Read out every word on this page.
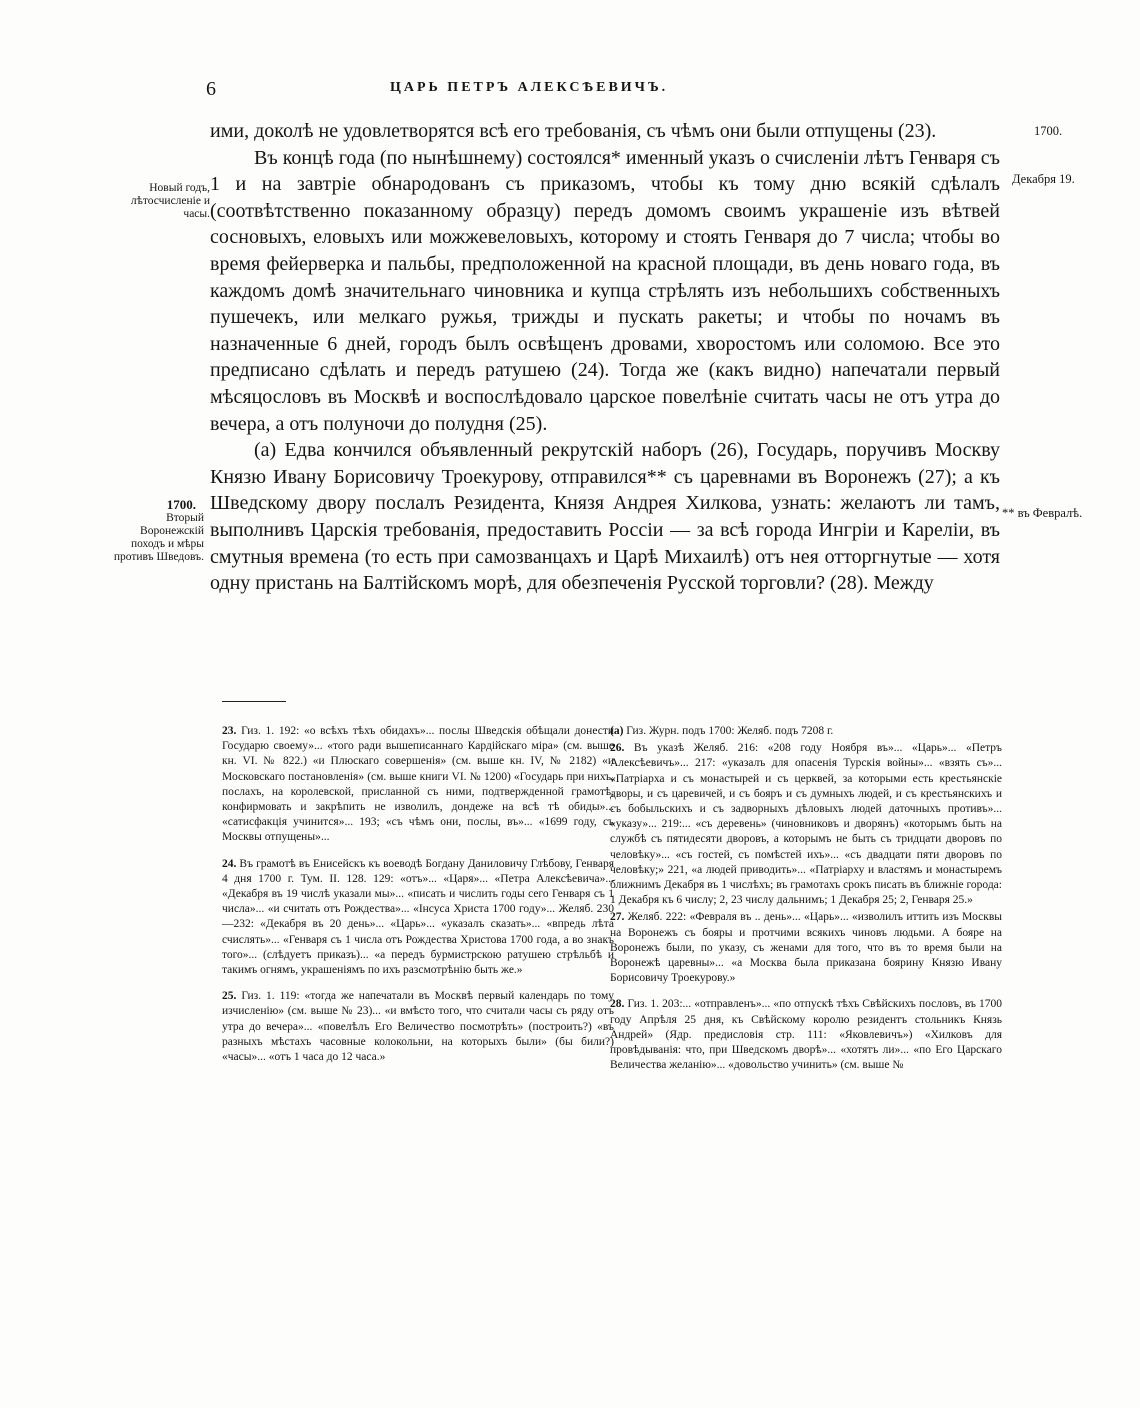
6	ЦАРЬ ПЕТРЪ АЛЕКСѢЕВИЧЪ.
1700.
Декабря 19.
** въ Февралѣ.
Новый годъ, лѣтосчисленіе и часы.
1700.
Вторый Воронежскій походъ и мѣры противъ Шведовъ.

ими, доколѣ не удовлетворятся всѣ его требованія, съ чѣмъ они были отпущены (23).

Въ концѣ года (по нынѣшнему) состоялся* именный указъ о счисленіи лѣтъ Генваря съ 1 и на завтріе обнародованъ съ приказомъ, чтобы къ тому дню всякій сдѣлалъ (соотвѣтственно показанному образцу) передъ домомъ своимъ украшеніе изъ вѣтвей сосновыхъ, еловыхъ или можжевеловыхъ, которому и стоять Генваря до 7 числа; чтобы во время фейерверка и пальбы, предположенной на красной площади, въ день новаго года, въ каждомъ домѣ значительнаго чиновника и купца стрѣлять изъ небольшихъ собственныхъ пушечекъ, или мелкаго ружья, трижды и пускать ракеты; и чтобы по ночамъ въ назначенные 6 дней, городъ былъ освѣщенъ дровами, хворостомъ или соломою. Все это предписано сдѣлать и передъ ратушею (24). Тогда же (какъ видно) напечатали первый мѣсяцословъ въ Москвѣ и воспослѣдовало царское повелѣніе считать часы не отъ утра до вечера, а отъ полуночи до полудня (25).

(а) Едва кончился объявленный рекрутскій наборъ (26), Государь, поручивъ Москву Князю Ивану Борисовичу Троекурову, отправился** съ царевнами въ Воронежъ (27); а къ Шведскому двору послалъ Резидента, Князя Андрея Хилкова, узнать: желаютъ ли тамъ, выполнивъ Царскія требованія, предоставить Россіи — за всѣ города Ингріи и Кареліи, въ смутныя времена (то есть при самозванцахъ и Царѣ Михаилѣ) отъ нея отторгнутые — хотя одну пристань на Балтійскомъ морѣ, для обезпеченія Русской торговли? (28). Между

23. Гиз. 1. 192: «о всѣхъ тѣхъ обидахъ»... послы Шведскія обѣщали донести Государю своему»... «того ради вышеписаннаго Кардійскаго міра» (см. выше кн. VI. № 822.) «и Плюскаго совершенія» (см. выше кн. IV, № 2182) «и Московскаго постановленія» (см. выше книги VI. № 1200) «Государь при нихъ, послахъ, на королевской, присланной съ ними, подтвержденной грамотѣ, конфирмовать и закрѣпить не изволилъ, дондеже на всѣ тѣ обиды»... «сатисфакція учинится»... 193; «съ чѣмъ они, послы, въ»... «1699 году, съ Москвы отпущены»...

24. Въ грамотѣ въ Енисейскъ къ воеводѣ Богдану Даниловичу Глѣбову, Генваря 4 дня 1700 г. Тум. II. 128. 129: «отъ»... «Царя»... «Петра Алексѣевича»... «Декабря въ 19 числѣ указали мы»... «писать и числить годы сего Генваря съ 1 числа»... «и считать отъ Рождества»... «Інсуса Христа 1700 году»... Желяб. 230—232: «Декабря въ 20 день»... «Царь»... «указалъ сказать»... «впредь лѣта счислять»... «Генваря съ 1 числа отъ Рождества Христова 1700 года, а во знакъ того»... (слѣдуетъ приказъ)... «а передъ бурмистрскою ратушею стрѣльбѣ и такимъ огнямъ, украшеніямъ по ихъ разсмотрѣнію быть же.»

25. Гиз. 1. 119: «тогда же напечатали въ Москвѣ первый календарь по тому изчисленію» (см. выше № 23)... «и вмѣсто того, что считали часы съ ряду отъ утра до вечера»... «повелѣлъ Его Величество посмотрѣть» (построить?) «въ разныхъ мѣстахъ часовные колокольни, на которыхъ были» (бы били?) «часы»... «отъ 1 часа до 12 часа.»

(а) Гиз. Журн. подъ 1700: Желяб. подъ 7208 г.

26. Въ указѣ Желяб. 216: «208 году Ноября въ»... «Царь»... «Петръ Алексѣевичъ»... 217: «указалъ для опасенія Турскія войны»... «взять съ»... «Патріарха и съ монастырей и съ церквей, за которыми есть крестьянскіе дворы, и съ царевичей, и съ бояръ и съ думныхъ людей, и съ крестьянскихъ и съ бобыльскихъ и съ задворныхъ дѣловыхъ людей даточныхъ противъ»... «указу»... 219:... «съ деревень» (чиновниковъ и дворянъ) «которымъ быть на службѣ съ пятидесяти дворовъ, а которымъ не быть съ тридцати дворовъ по человѣку»... «съ гостей, съ помѣстей ихъ»... «съ двадцати пяти дворовъ по человѣку;» 221, «а людей приводить»... «Патріарху и властямъ и монастыремъ ближнимъ Декабря въ 1 числѣхъ; въ грамотахъ срокъ писать въ ближніе города: 1 Декабря къ 6 числу; 2, 23 числу дальнимъ; 1 Декабря 25; 2, Генваря 25.»

27. Желяб. 222: «Февраля въ .. день»... «Царь»... «изволилъ иттить изъ Москвы на Воронежъ съ бояры и протчими всякихъ чиновъ людьми. А бояре на Воронежъ были, по указу, съ женами для того, что въ то время были на Воронежѣ царевны»... «а Москва была приказана боярину Князю Ивану Борисовичу Троекурову.»

28. Гиз. 1. 203:... «отправленъ»... «по отпускѣ тѣхъ Свѣйскихъ пословъ, въ 1700 году Апрѣля 25 дня, къ Свѣйскому королю резидентъ стольникъ Князь Андрей» (Ядр. предисловія стр. 111: «Яковлевичъ») «Хилковъ для провѣдыванія: что, при Шведскомъ дворѣ»... «хотятъ ли»... «по Его Царскаго Величества желанію»... «довольство учинить» (см. выше №
